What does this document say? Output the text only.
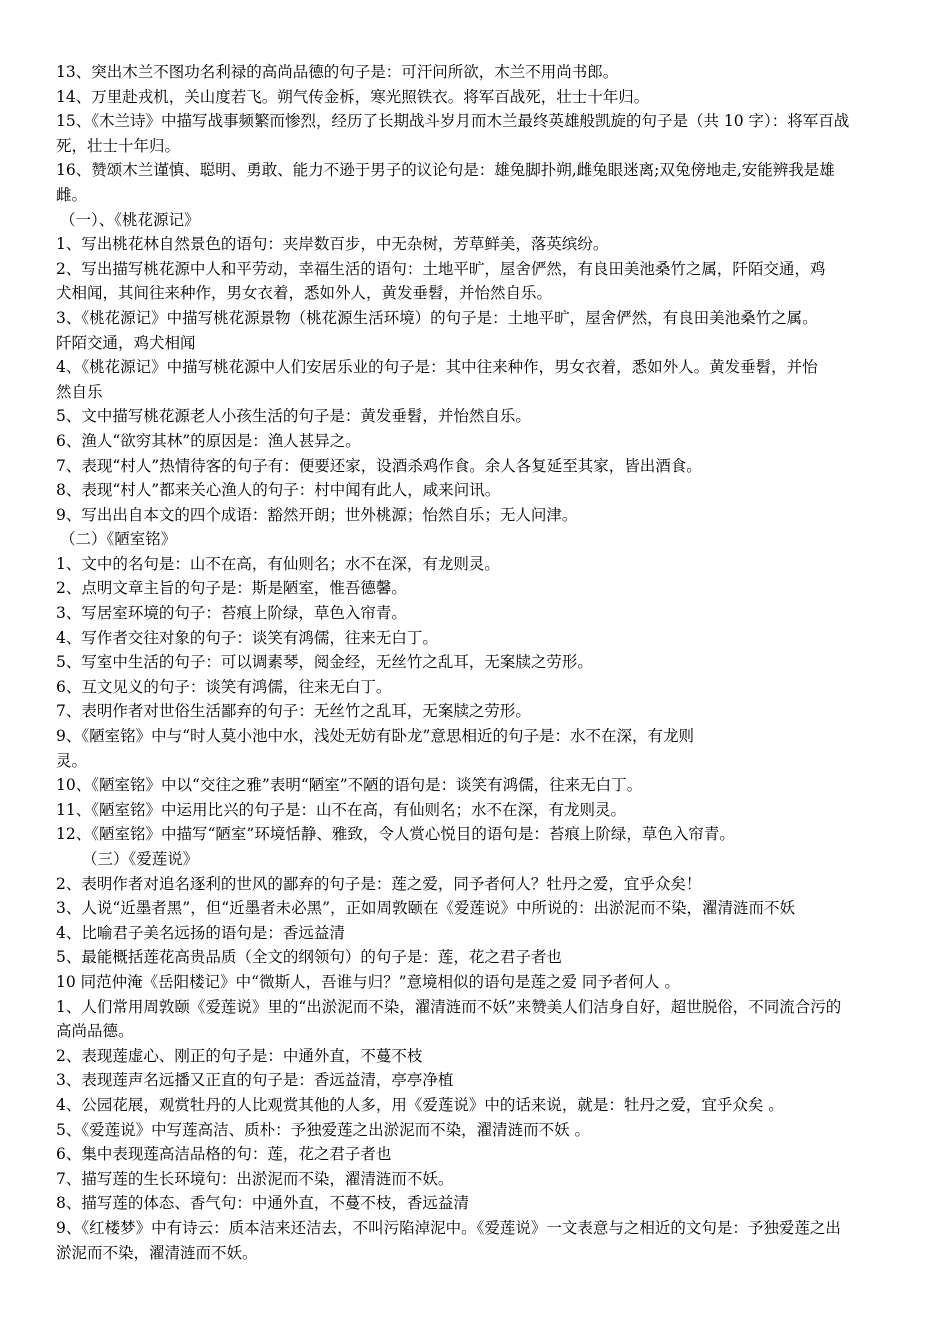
13、突出木兰不图功名利禄的高尚品德的句子是：可汗问所欲，木兰不用尚书郎。
14、万里赴戎机，关山度若飞。朔气传金柝，寒光照铁衣。将军百战死，壮士十年归。
15、《木兰诗》中描写战事频繁而惨烈，经历了长期战斗岁月而木兰最终英雄般凯旋的句子是（共 10 字）：将军百战
死，壮士十年归。
16、赞颂木兰谨慎、聪明、勇敢、能力不逊于男子的议论句是：雄兔脚扑朔,雌兔眼迷离;双兔傍地走,安能辨我是雄
雌。
（一）、《桃花源记》
1、写出桃花林自然景色的语句：夹岸数百步，中无杂树，芳草鲜美，落英缤纷。
2、写出描写桃花源中人和平劳动，幸福生活的语句：土地平旷，屋舍俨然，有良田美池桑竹之属，阡陌交通，鸡
犬相闻，其间往来种作，男女衣着，悉如外人，黄发垂髫，并怡然自乐。
3、《桃花源记》中描写桃花源景物（桃花源生活环境）的句子是：土地平旷，屋舍俨然，有良田美池桑竹之属。
阡陌交通，鸡犬相闻
4、《桃花源记》中描写桃花源中人们安居乐业的句子是：其中往来种作，男女衣着，悉如外人。黄发垂髫，并怡
然自乐
5、文中描写桃花源老人小孩生活的句子是：黄发垂髫，并怡然自乐。
6、渔人“欲穷其林”的原因是：渔人甚异之。
7、表现“村人”热情待客的句子有：便要还家，设酒杀鸡作食。余人各复延至其家，皆出酒食。
8、表现“村人”都来关心渔人的句子：村中闻有此人，咸来问讯。
9、写出出自本文的四个成语：豁然开朗；世外桃源；怡然自乐；无人问津。
（二）《陋室铭》
1、文中的名句是：山不在高，有仙则名；水不在深，有龙则灵。
2、点明文章主旨的句子是：斯是陋室，惟吾德馨。
3、写居室环境的句子：苔痕上阶绿，草色入帘青。
4、写作者交往对象的句子：谈笑有鸿儒，往来无白丁。
5、写室中生活的句子：可以调素琴，阅金经，无丝竹之乱耳，无案牍之劳形。
6、互文见义的句子：谈笑有鸿儒，往来无白丁。
7、表明作者对世俗生活鄙弃的句子：无丝竹之乱耳，无案牍之劳形。
9、《陋室铭》中与“时人莫小池中水，浅处无妨有卧龙”意思相近的句子是：水不在深，有龙则
灵。
10、《陋室铭》中以“交往之雅”表明“陋室”不陋的语句是：谈笑有鸿儒，往来无白丁。
11、《陋室铭》中运用比兴的句子是：山不在高，有仙则名；水不在深，有龙则灵。
12、《陋室铭》中描写“陋室”环境恬静、雅致，令人赏心悦目的语句是：苔痕上阶绿，草色入帘青。
（三）《爱莲说》
2、表明作者对追名逐利的世风的鄙弃的句子是：莲之爱，同予者何人？牡丹之爱，宜乎众矣！
3、人说“近墨者黑”，但“近墨者未必黑”，正如周敦颐在《爱莲说》中所说的：出淤泥而不染，濯清涟而不妖
4、比喻君子美名远扬的语句是：香远益清
5、最能概括莲花高贵品质（全文的纲领句）的句子是：莲，花之君子者也
10 同范仲淹《岳阳楼记》中“微斯人，吾谁与归？”意境相似的语句是莲之爱 同予者何人 。
1、人们常用周敦颐《爱莲说》里的“出淤泥而不染，濯清涟而不妖”来赞美人们洁身自好，超世脱俗，不同流合污的
高尚品德。
2、表现莲虚心、刚正的句子是：中通外直，不蔓不枝
3、表现莲声名远播又正直的句子是：香远益清，亭亭净植
4、公园花展，观赏牡丹的人比观赏其他的人多，用《爱莲说》中的话来说，就是：牡丹之爱，宜乎众矣 。
5、《爱莲说》中写莲高洁、质朴：予独爱莲之出淤泥而不染，濯清涟而不妖 。
6、集中表现莲高洁品格的句：莲，花之君子者也
7、描写莲的生长环境句：出淤泥而不染，濯清涟而不妖。
8、描写莲的体态、香气句：中通外直，不蔓不枝，香远益清
9、《红楼梦》中有诗云：质本洁来还洁去，不叫污陷淖泥中。《爱莲说》一文表意与之相近的文句是：予独爱莲之出
淤泥而不染，濯清涟而不妖。
